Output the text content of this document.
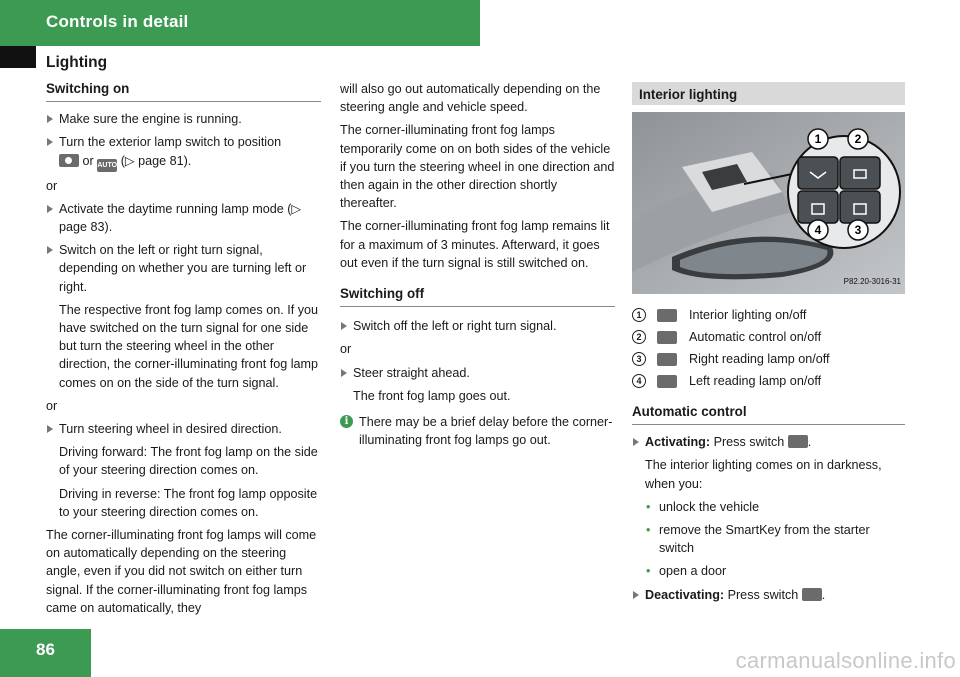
Controls in detail
Lighting
Switching on
Make sure the engine is running.
Turn the exterior lamp switch to position
or AUTO (▷ page 81).
or
Activate the daytime running lamp mode (▷ page 83).
Switch on the left or right turn signal, depending on whether you are turning left or right.
The respective front fog lamp comes on. If you have switched on the turn signal for one side but turn the steering wheel in the other direction, the corner-illuminating front fog lamp comes on on the side of the turn signal.
or
Turn steering wheel in desired direction.
Driving forward: The front fog lamp on the side of your steering direction comes on.
Driving in reverse: The front fog lamp opposite to your steering direction comes on.
The corner-illuminating front fog lamps will come on automatically depending on the steering angle, even if you did not switch on either turn signal. If the corner-illuminating front fog lamps came on automatically, they
will also go out automatically depending on the steering angle and vehicle speed.
The corner-illuminating front fog lamps temporarily come on on both sides of the vehicle if you turn the steering wheel in one direction and then again in the other direction shortly thereafter.
The corner-illuminating front fog lamp remains lit for a maximum of 3 minutes. Afterward, it goes out even if the turn signal is still switched on.
Switching off
Switch off the left or right turn signal.
or
Steer straight ahead.
The front fog lamp goes out.
i There may be a brief delay before the corner-illuminating front fog lamps go out.
Interior lighting
1	2
3
4
P82.20-3016-31
1	Interior lighting on/off
2	Automatic control on/off
3	Right reading lamp on/off
4	Left reading lamp on/off
Automatic control
Activating: Press switch .
The interior lighting comes on in darkness, when you:
• unlock the vehicle
• remove the SmartKey from the starter switch
• open a door
Deactivating: Press switch .
86	carmanualsonline.info
